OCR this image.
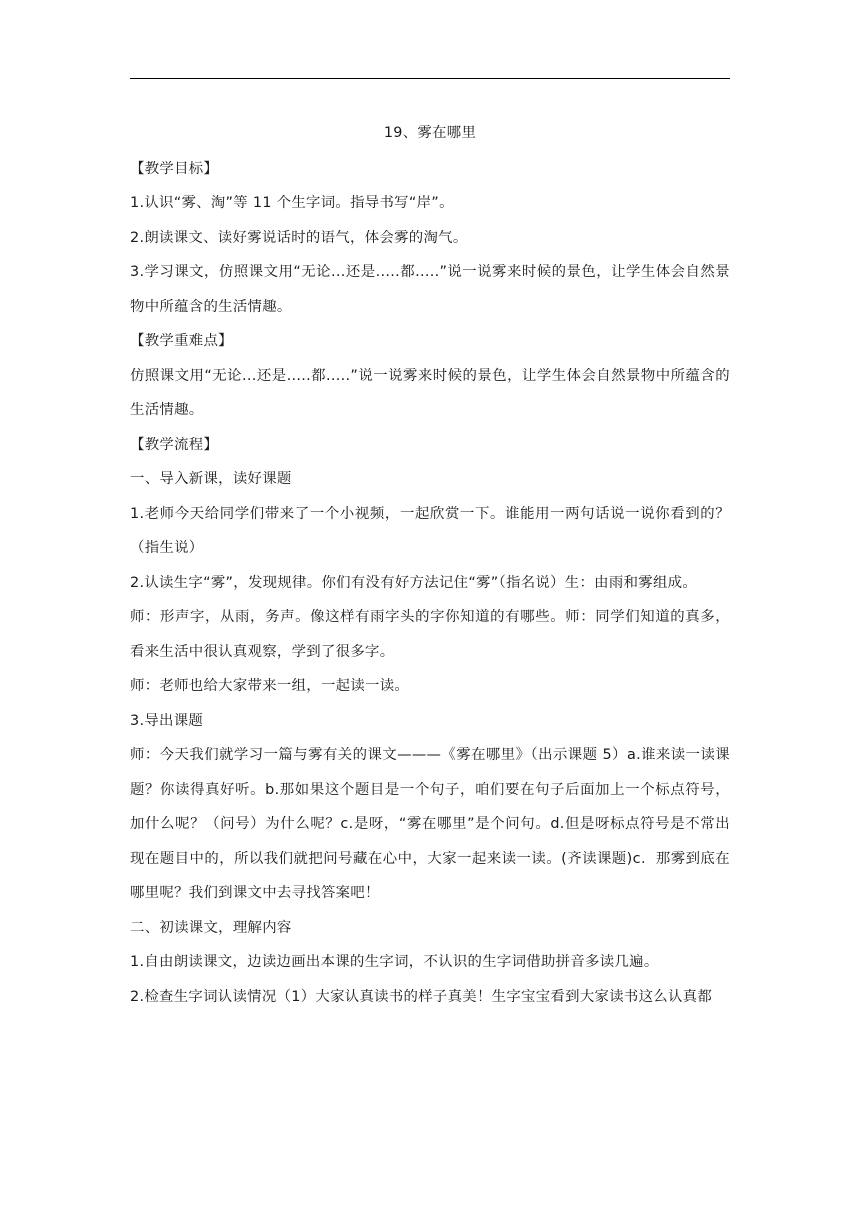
19、雾在哪里

【教学目标】

1.认识“雾、淘”等 11 个生字词。指导书写“岸”。

2.朗读课文、读好雾说话时的语气，体会雾的淘气。

3.学习课文，仿照课文用“无论...还是.....都.....”说一说雾来时候的景色，让学生体会自然景物中所蕴含的生活情趣。

【教学重难点】

仿照课文用“无论...还是.....都.....”说一说雾来时候的景色，让学生体会自然景物中所蕴含的生活情趣。

【教学流程】

一、导入新课，读好课题

1.老师今天给同学们带来了一个小视频，一起欣赏一下。谁能用一两句话说一说你看到的？（指生说）

2.认读生字“雾”，发现规律。你们有没有好方法记住“雾”（指名说）生：由雨和雾组成。

师：形声字，从雨，务声。像这样有雨字头的字你知道的有哪些。师：同学们知道的真多，看来生活中很认真观察，学到了很多字。

师：老师也给大家带来一组，一起读一读。

3.导出课题

师：今天我们就学习一篇与雾有关的课文———《雾在哪里》（出示课题 5）a.谁来读一读课题？你读得真好听。b.那如果这个题目是一个句子，咱们要在句子后面加上一个标点符号，加什么呢？（问号）为什么呢？c.是呀，“雾在哪里”是个问句。d.但是呀标点符号是不常出现在题目中的，所以我们就把问号藏在心中，大家一起来读一读。(齐读课题)c．那雾到底在哪里呢？我们到课文中去寻找答案吧！

二、初读课文，理解内容

1.自由朗读课文，边读边画出本课的生字词，不认识的生字词借助拼音多读几遍。

2.检查生字词认读情况（1）大家认真读书的样子真美！生字宝宝看到大家读书这么认真都
